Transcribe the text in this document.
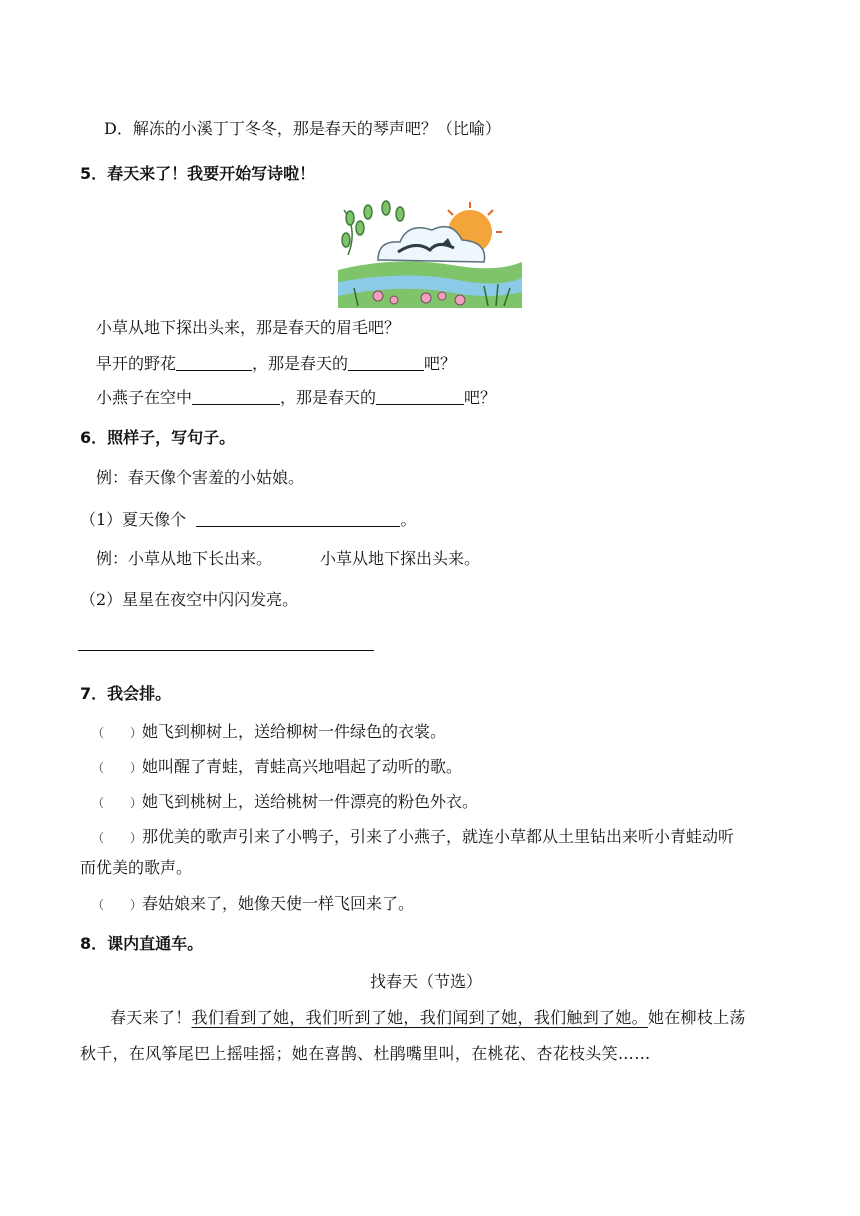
D．解冻的小溪丁丁冬冬，那是春天的琴声吧？（比喻）
5．春天来了！我要开始写诗啦！
小草从地下探出头来，那是春天的眉毛吧？
早开的野花	，那是春天的	吧？
小燕子在空中	，那是春天的	吧？
6．照样子，写句子。
例：春天像个害羞的小姑娘。
（1）夏天像个	。
例：小草从地下长出来。	小草从地下探出头来。
（2）星星在夜空中闪闪发亮。
7．我会排。
（ ） 她飞到柳树上，送给柳树一件绿色的衣裳。
（ ） 她叫醒了青蛙，青蛙高兴地唱起了动听的歌。
（ ） 她飞到桃树上，送给桃树一件漂亮的粉色外衣。
（ ） 那优美的歌声引来了小鸭子，引来了小燕子，就连小草都从土里钻出来听小青蛙动听
而优美的歌声。
（ ） 春姑娘来了，她像天使一样飞回来了。
8．课内直通车。
找春天（节选）
春天来了！我们看到了她，我们听到了她，我们闻到了她，我们触到了她。她在柳枝上荡
秋千，在风筝尾巴上摇哇摇；她在喜鹊、杜鹃嘴里叫，在桃花、杏花枝头笑……
